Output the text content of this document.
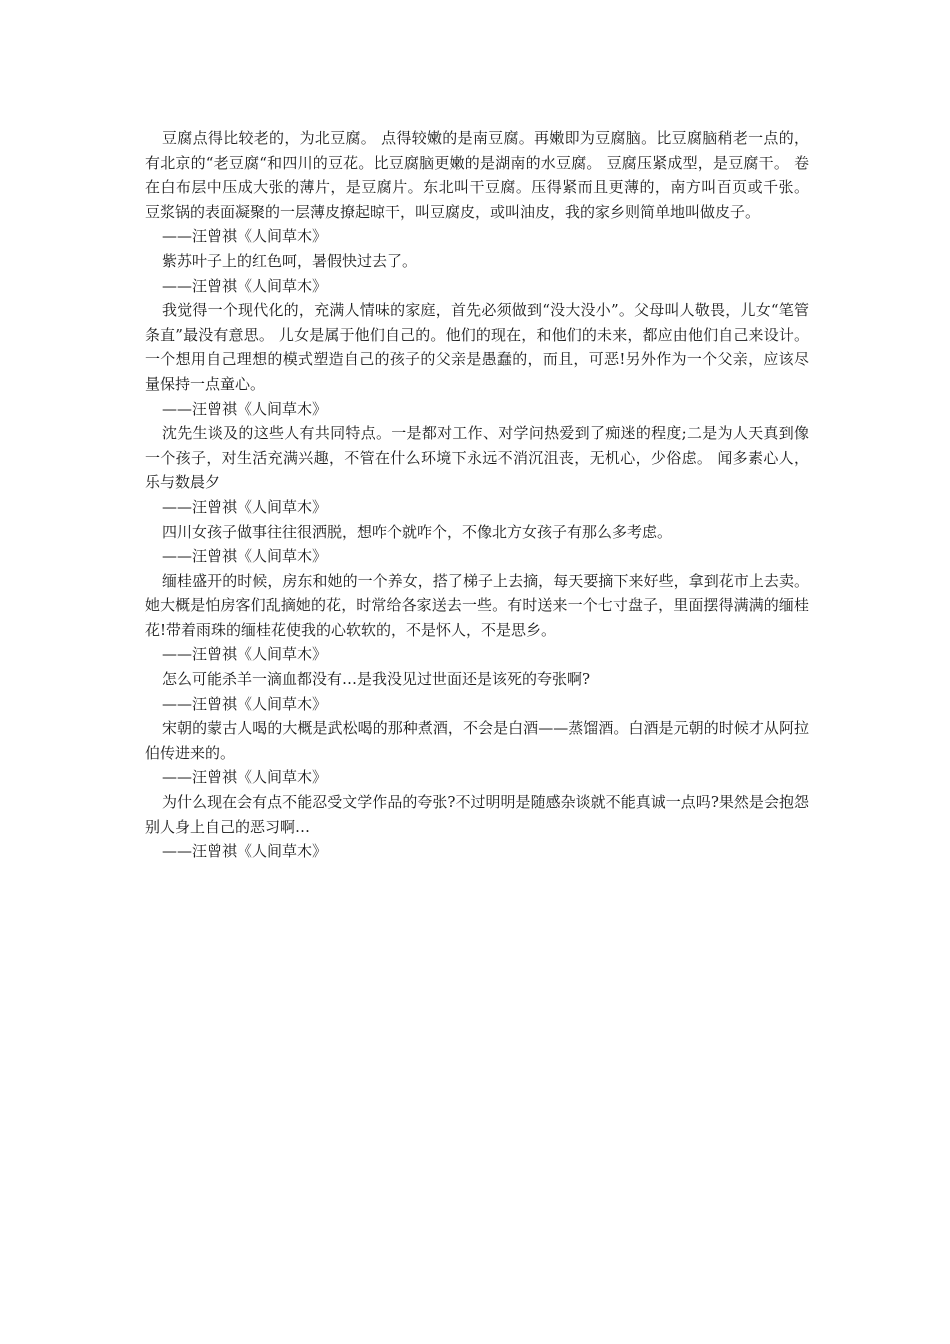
豆腐点得比较老的，为北豆腐。 点得较嫩的是南豆腐。再嫩即为豆腐脑。比豆腐脑稍老一点的，有北京的“老豆腐“和四川的豆花。比豆腐脑更嫩的是湖南的水豆腐。 豆腐压紧成型，是豆腐干。 卷在白布层中压成大张的薄片，是豆腐片。东北叫干豆腐。压得紧而且更薄的，南方叫百页或千张。 豆浆锅的表面凝聚的一层薄皮撩起晾干，叫豆腐皮，或叫油皮，我的家乡则简单地叫做皮子。

——汪曾祺《人间草木》

紫苏叶子上的红色呵，暑假快过去了。

——汪曾祺《人间草木》

我觉得一个现代化的，充满人情味的家庭，首先必须做到“没大没小”。父母叫人敬畏，儿女“笔管条直”最没有意思。 儿女是属于他们自己的。他们的现在，和他们的未来，都应由他们自己来设计。一个想用自己理想的模式塑造自己的孩子的父亲是愚蠢的，而且，可恶!另外作为一个父亲，应该尽量保持一点童心。

——汪曾祺《人间草木》

沈先生谈及的这些人有共同特点。一是都对工作、对学问热爱到了痴迷的程度;二是为人天真到像一个孩子，对生活充满兴趣，不管在什么环境下永远不消沉沮丧，无机心，少俗虑。 闻多素心人，乐与数晨夕

——汪曾祺《人间草木》

四川女孩子做事往往很洒脱，想咋个就咋个，不像北方女孩子有那么多考虑。

——汪曾祺《人间草木》

缅桂盛开的时候，房东和她的一个养女，搭了梯子上去摘，每天要摘下来好些，拿到花市上去卖。她大概是怕房客们乱摘她的花，时常给各家送去一些。有时送来一个七寸盘子，里面摆得满满的缅桂花!带着雨珠的缅桂花使我的心软软的，不是怀人，不是思乡。

——汪曾祺《人间草木》

怎么可能杀羊一滴血都没有…是我没见过世面还是该死的夸张啊?

——汪曾祺《人间草木》

宋朝的蒙古人喝的大概是武松喝的那种煮酒，不会是白酒——蒸馏酒。白酒是元朝的时候才从阿拉伯传进来的。

——汪曾祺《人间草木》

为什么现在会有点不能忍受文学作品的夸张?不过明明是随感杂谈就不能真诚一点吗?果然是会抱怨别人身上自己的恶习啊…

——汪曾祺《人间草木》
